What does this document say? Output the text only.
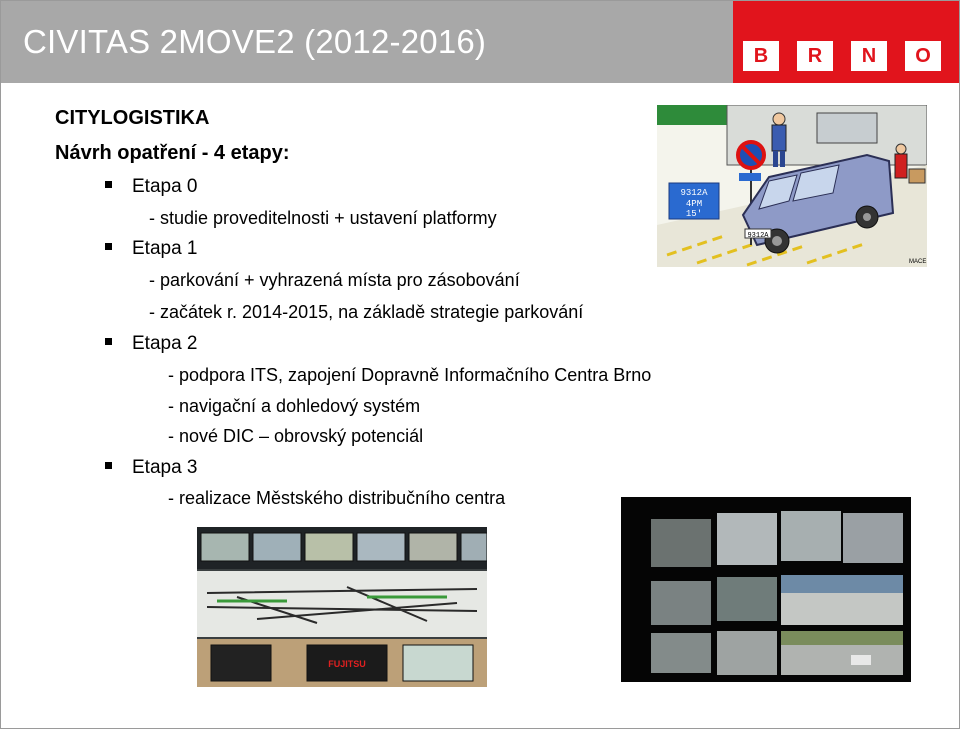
CIVITAS 2MOVE2 (2012-2016)	B	R	N	O
CITYLOGISTIKA
Návrh opatření - 4 etapy:
Etapa 0
- studie proveditelnosti + ustavení platformy
Etapa 1
- parkování + vyhrazená místa pro zásobování
- začátek r. 2014-2015, na základě strategie parkování
Etapa 2
- podpora ITS, zapojení Dopravně Informačního Centra Brno
- navigační a dohledový systém
- nové DIC – obrovský potenciál
Etapa 3
- realizace Městského distribučního centra
9312A
4PM
15'
9312A
MACE
FUJITSU
